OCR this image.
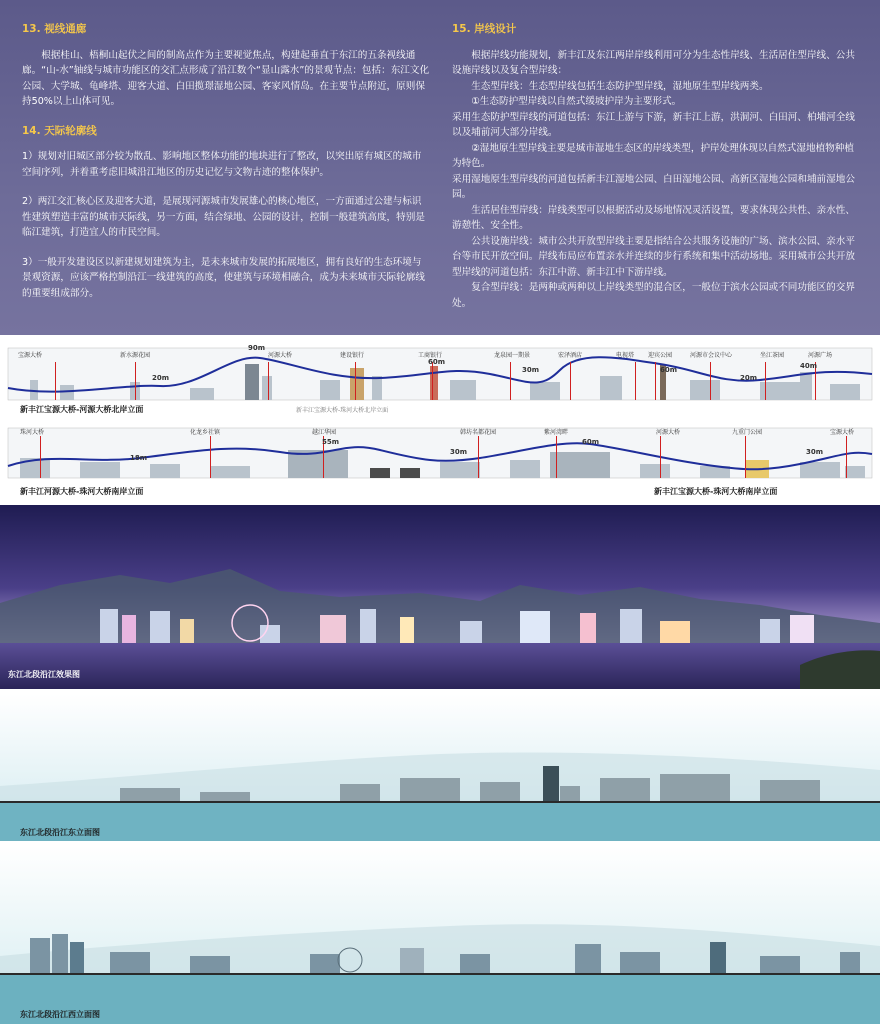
13. 视线通廊
根据桂山、梧桐山起伏之间的制高点作为主要视觉焦点，构建起垂直于东江的五条视线通廊。“山-水”轴线与城市功能区的交汇点形成了沿江数个“显山露水”的景观节点：包括：东江文化公园、大学城、龟峰塔、迎客大道、白田揽璟湿地公园、客家风情岛。在主要节点附近，原则保持50%以上山体可见。
14. 天际轮廓线
1）规划对旧城区部分较为散乱、影响地区整体功能的地块进行了整改，以突出原有城区的城市空间序列，并着重考虑旧城沿江地区的历史记忆与文物古迹的整体保护。
2）两江交汇核心区及迎客大道，是展现河源城市发展雄心的核心地区，一方面通过公建与标识性建筑塑造丰富的城市天际线，另一方面，结合绿地、公园的设计，控制一般建筑高度，特别是临江建筑，打造宜人的市民空间。
3）一般开发建设区以新建规划建筑为主，是未来城市发展的拓展地区，拥有良好的生态环境与景观资源，应该严格控制沿江一线建筑的高度，使建筑与环境相融合，成为未来城市天际轮廓线的重要组成部分。
15. 岸线设计
根据岸线功能规划，新丰江及东江两岸岸线利用可分为生态性岸线、生活居住型岸线、公共设施岸线以及复合型岸线：
生态型岸线：生态型岸线包括生态防护型岸线，湿地原生型岸线两类。
①生态防护型岸线以自然式缓坡护岸为主要形式。
采用生态防护型岸线的河道包括：东江上游与下游，新丰江上游，洪洞河、白田河、柏埔河全线以及埔前河大部分岸线。
②湿地原生型岸线主要是城市湿地生态区的岸线类型，护岸处理体现以自然式湿地植物种植为特色。
采用湿地原生型岸线的河道包括新丰江湿地公园、白田湿地公园、高新区湿地公园和埔前湿地公园。
生活居住型岸线：岸线类型可以根据活动及场地情况灵活设置，要求体现公共性、亲水性、游憩性、安全性。
公共设施岸线：城市公共开放型岸线主要是指结合公共服务设施的广场、滨水公园、亲水平台等市民开放空间。岸线布局应布置亲水并连续的步行系统和集中活动场地。采用城市公共开放型岸线的河道包括：东江中游、新丰江中下游岸线。
复合型岸线：是两种或两种以上岸线类型的混合区，一般位于滨水公园或不同功能区的交界处。
90m
20m
60m
30m	60m
20m
40m
18m
55m
30m
60m
30m
宝源大桥	新水源花园	河源大桥	建设银行	工商银行	龙泉园一期景	宏泽酒店	电视塔 迎宾公园	河源市会议中心	坐江茶园	河源广场
珠河大桥	化龙乡社镇	越江华园	韩坊名都花园	紫河湾畔	河源大桥	九重门公园	宝源大桥
新丰江宝源大桥-河源大桥北岸立面	新丰江宝源大桥-珠河大桥北岸立面
新丰江河源大桥-珠河大桥南岸立面	新丰江宝源大桥-珠河大桥南岸立面
东江北段沿江效果图
东江北段沿江东立面图
东江北段沿江西立面图
